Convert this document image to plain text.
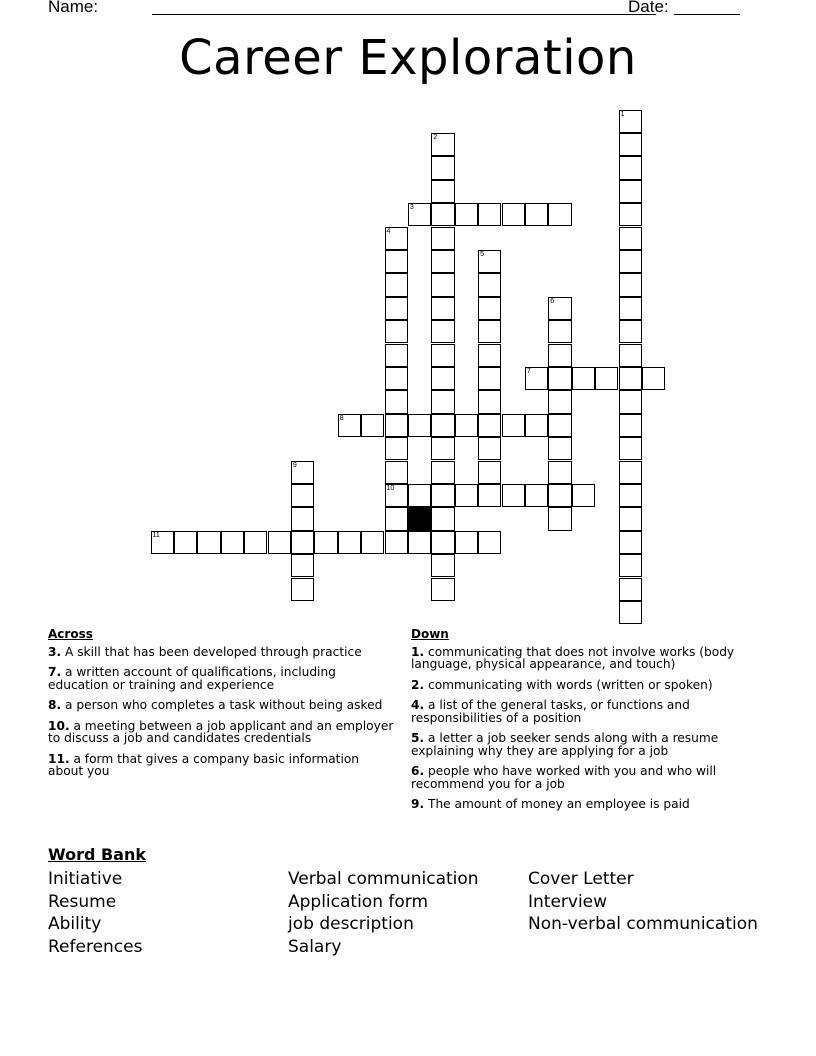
Name:	Date:
Career Exploration
1
2
3
4
10
5
6
7
8
9
11
Across
3. A skill that has been developed through practice
7. a written account of qualifications, including education or training and experience
8. a person who completes a task without being asked
10. a meeting between a job applicant and an employer to discuss a job and candidates credentials
11. a form that gives a company basic information about you
Down
1. communicating that does not involve works (body language, physical appearance, and touch)
2. communicating with words (written or spoken)
4. a list of the general tasks, or functions and responsibilities of a position
5. a letter a job seeker sends along with a resume explaining why they are applying for a job
6. people who have worked with you and who will recommend you for a job
9. The amount of money an employee is paid
Word Bank
Initiative
Resume
Ability
References
Verbal communication
Application form
job description
Salary
Cover Letter
Interview
Non-verbal communication
